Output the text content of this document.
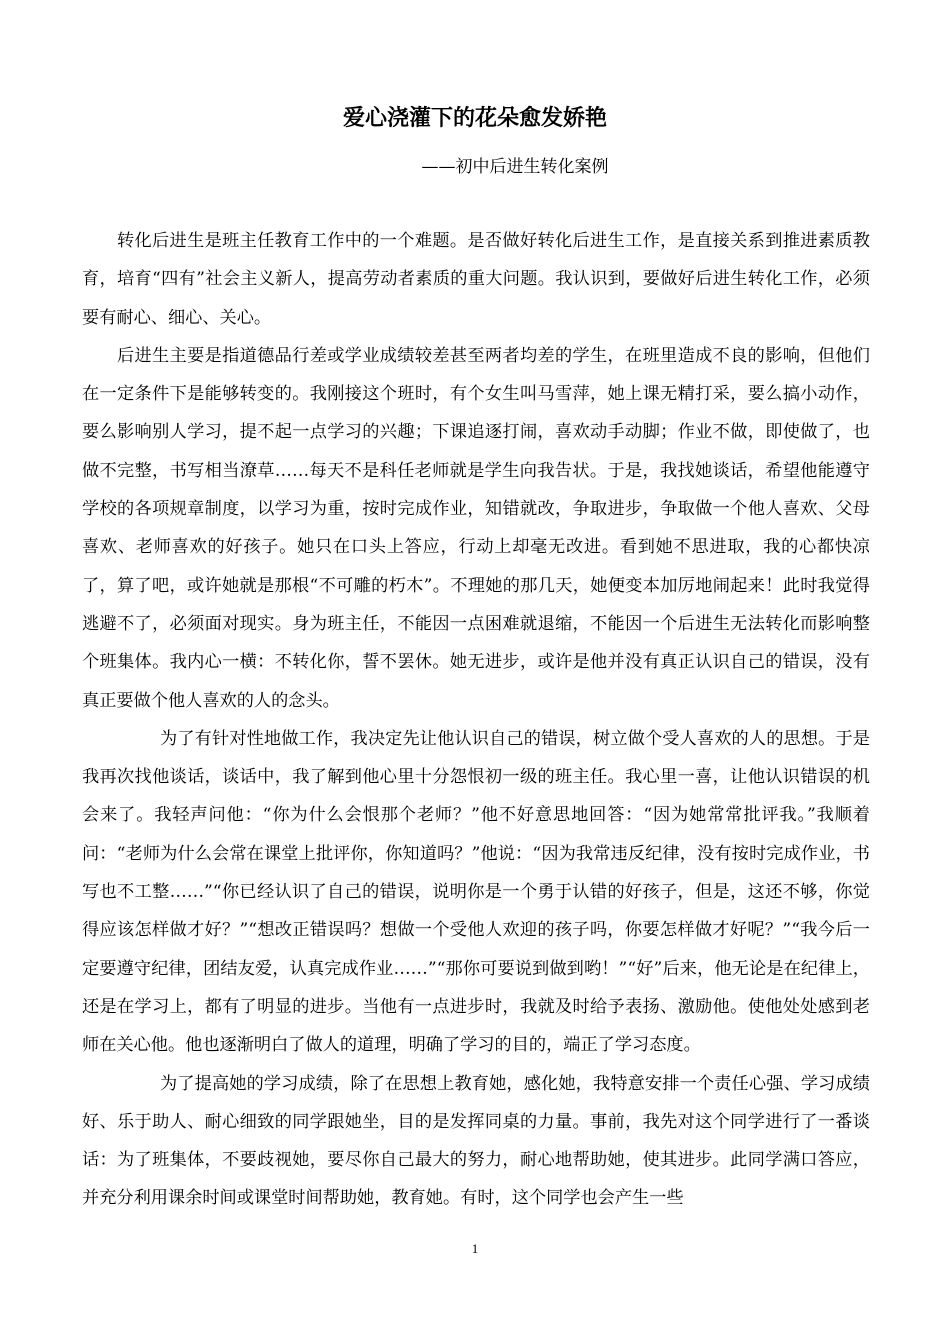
爱心浇灌下的花朵愈发娇艳

——初中后进生转化案例

转化后进生是班主任教育工作中的一个难题。是否做好转化后进生工作，是直接关系到推进素质教育，培育“四有”社会主义新人，提高劳动者素质的重大问题。我认识到，要做好后进生转化工作，必须要有耐心、细心、关心。

后进生主要是指道德品行差或学业成绩较差甚至两者均差的学生，在班里造成不良的影响，但他们在一定条件下是能够转变的。我刚接这个班时，有个女生叫马雪萍，她上课无精打采，要么搞小动作，要么影响别人学习，提不起一点学习的兴趣；下课追逐打闹，喜欢动手动脚；作业不做，即使做了，也做不完整，书写相当潦草……每天不是科任老师就是学生向我告状。于是，我找她谈话，希望他能遵守学校的各项规章制度，以学习为重，按时完成作业，知错就改，争取进步，争取做一个他人喜欢、父母喜欢、老师喜欢的好孩子。她只在口头上答应，行动上却毫无改进。看到她不思进取，我的心都快凉了，算了吧，或许她就是那根“不可雕的朽木”。不理她的那几天，她便变本加厉地闹起来！此时我觉得逃避不了，必须面对现实。身为班主任，不能因一点困难就退缩，不能因一个后进生无法转化而影响整个班集体。我内心一横：不转化你，誓不罢休。她无进步，或许是他并没有真正认识自己的错误，没有真正要做个他人喜欢的人的念头。

为了有针对性地做工作，我决定先让他认识自己的错误，树立做个受人喜欢的人的思想。于是我再次找他谈话，谈话中，我了解到他心里十分怨恨初一级的班主任。我心里一喜，让他认识错误的机会来了。我轻声问他：“你为什么会恨那个老师？”他不好意思地回答：“因为她常常批评我。”我顺着问：“老师为什么会常在课堂上批评你，你知道吗？”他说：“因为我常违反纪律，没有按时完成作业，书写也不工整……”“你已经认识了自己的错误，说明你是一个勇于认错的好孩子，但是，这还不够，你觉得应该怎样做才好？”“想改正错误吗？想做一个受他人欢迎的孩子吗，你要怎样做才好呢？”“我今后一定要遵守纪律，团结友爱，认真完成作业……”“那你可要说到做到哟！”“好”后来，他无论是在纪律上，还是在学习上，都有了明显的进步。当他有一点进步时，我就及时给予表扬、激励他。使他处处感到老师在关心他。他也逐渐明白了做人的道理，明确了学习的目的，端正了学习态度。

为了提高她的学习成绩，除了在思想上教育她，感化她，我特意安排一个责任心强、学习成绩好、乐于助人、耐心细致的同学跟她坐，目的是发挥同桌的力量。事前，我先对这个同学进行了一番谈话：为了班集体，不要歧视她，要尽你自己最大的努力，耐心地帮助她，使其进步。此同学满口答应，并充分利用课余时间或课堂时间帮助她，教育她。有时，这个同学也会产生一些

1
